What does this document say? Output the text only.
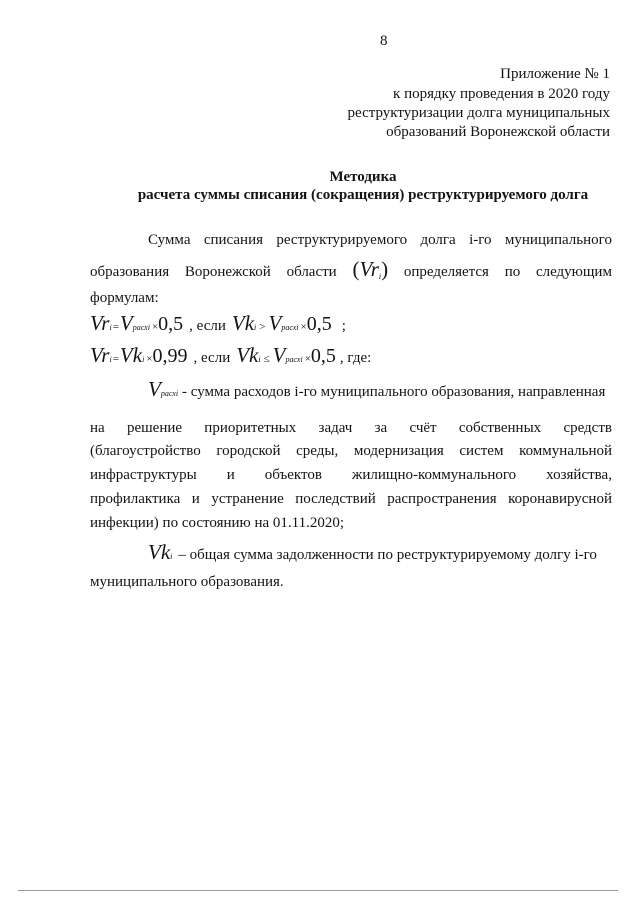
8
Приложение № 1
к порядку проведения в 2020 году
реструктуризации долга муниципальных
образований Воронежской области
Методика
расчета суммы списания (сокращения) реструктурируемого долга
Сумма списания реструктурируемого долга i-го муниципального
образования Воронежской области $(Vr_i)$ определяется по следующим
формулам:
Vr i = V расхі × 0,5 , если Vk i > V расхі × 0,5 ;
Vr i = Vk i × 0,99 , если Vk i ≤ V расхі × 0,5 , где:
V расхі - сумма расходов i-го муниципального образования, направленная
на решение приоритетных задач за счёт собственных средств
(благоустройство городской среды, модернизация систем коммунальной
инфраструктуры и объектов жилищно-коммунального хозяйства,
профилактика и устранение последствий распространения коронавирусной
инфекции) по состоянию на 01.11.2020;
Vk i – общая сумма задолженности по реструктурируемому долгу i-го
муниципального образования.
